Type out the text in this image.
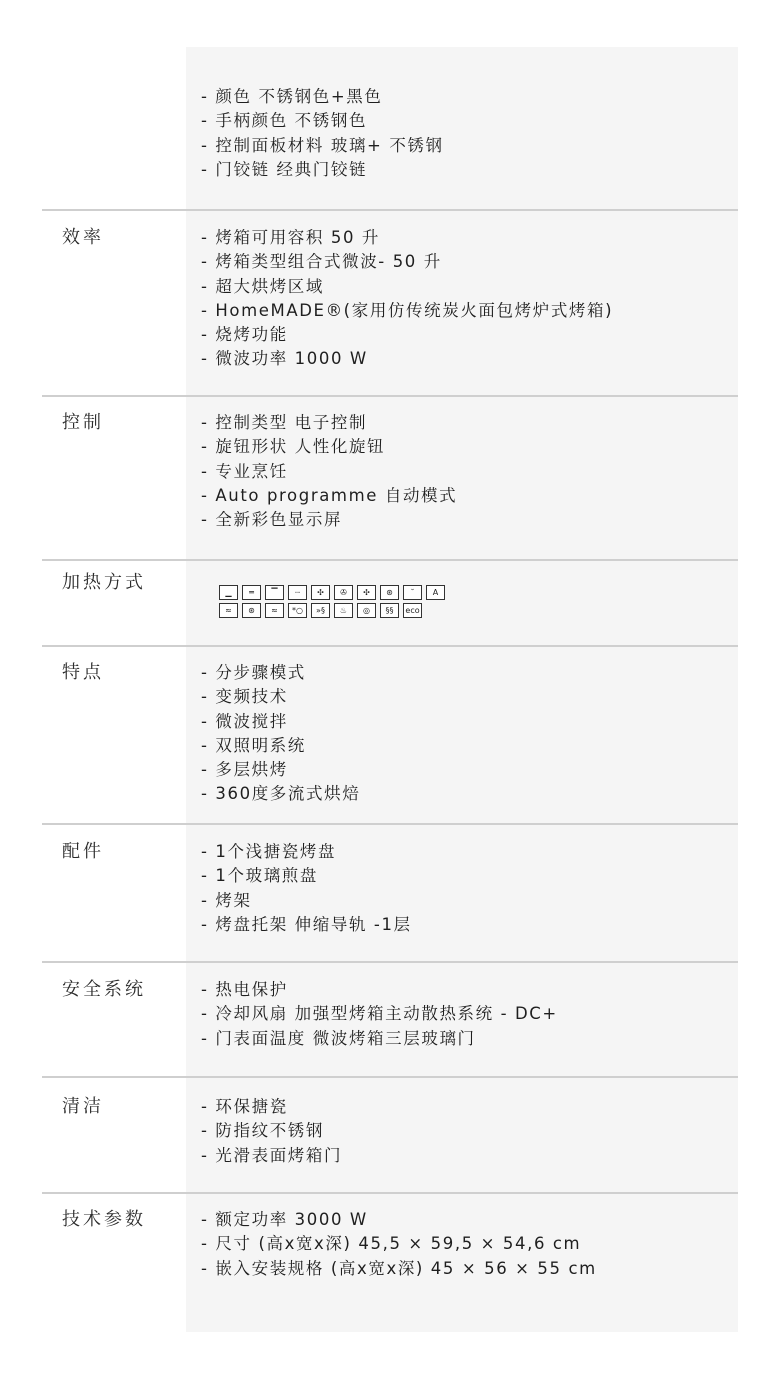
- 颜色 不锈钢色+黑色
- 手柄颜色 不锈钢色
- 控制面板材料 玻璃+ 不锈钢
- 门铰链 经典门铰链
效率	- 烤箱可用容积 50 升
- 烤箱类型组合式微波- 50 升
- 超大烘烤区域
- HomeMADE®(家用仿传统炭火面包烤炉式烤箱)
- 烧烤功能
- 微波功率 1000 W
控制	- 控制类型 电子控制
- 旋钮形状 人性化旋钮
- 专业烹饪
- Auto programme 自动模式
- 全新彩色显示屏
加热方式	▁	═	▔	┈	✣	✇	✣	⊛	˘	A
≈	⊛	≈	*○	»§	♨	◎	§§	eco
特点	- 分步骤模式
- 变频技术
- 微波搅拌
- 双照明系统
- 多层烘烤
- 360度多流式烘焙
配件	- 1个浅搪瓷烤盘
- 1个玻璃煎盘
- 烤架
- 烤盘托架 伸缩导轨 -1层
安全系统	- 热电保护
- 冷却风扇 加强型烤箱主动散热系统 - DC+
- 门表面温度 微波烤箱三层玻璃门
清洁	- 环保搪瓷
- 防指纹不锈钢
- 光滑表面烤箱门
技术参数	- 额定功率 3000 W
- 尺寸 (高x宽x深) 45,5 × 59,5 × 54,6 cm
- 嵌入安装规格 (高x宽x深) 45 × 56 × 55 cm
